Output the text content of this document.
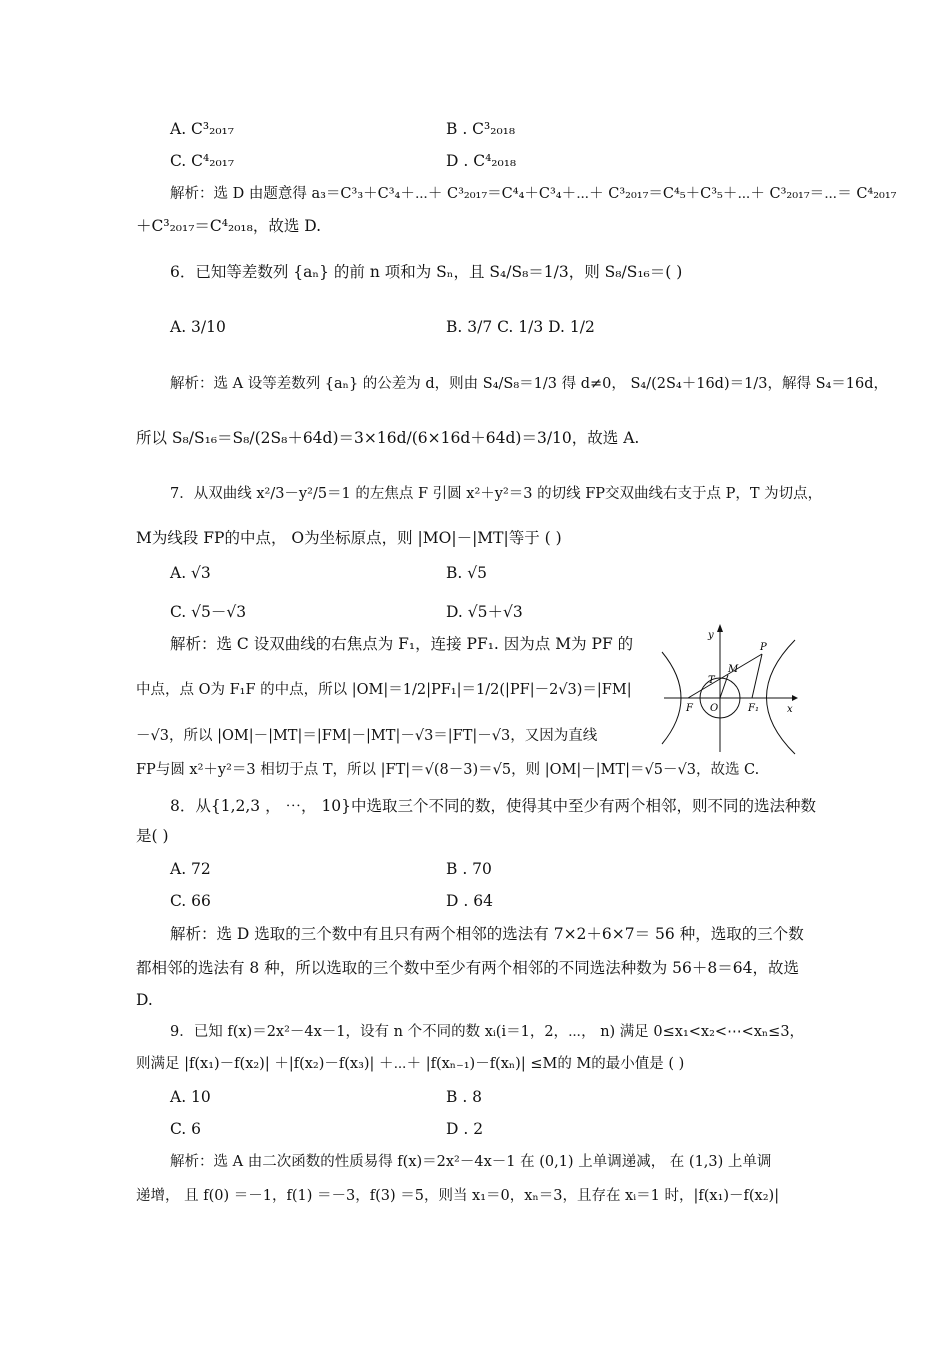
A. C³₂₀₁₇	B . C³₂₀₁₈
C. C⁴₂₀₁₇	D . C⁴₂₀₁₈
解析：选 D 由题意得 a₃＝C³₃＋C³₄＋⋯＋ C³₂₀₁₇＝C⁴₄＋C³₄＋⋯＋ C³₂₀₁₇＝C⁴₅＋C³₅＋⋯＋ C³₂₀₁₇＝⋯＝ C⁴₂₀₁₇
＋C³₂₀₁₇＝C⁴₂₀₁₈，故选 D.
6．已知等差数列 {aₙ} 的前 n 项和为 Sₙ，且 S₄/S₈＝1/3，则 S₈/S₁₆＝( )
A. 3/10	B. 3/7 C. 1/3 D. 1/2
解析：选 A 设等差数列 {aₙ} 的公差为 d，则由 S₄/S₈＝1/3 得 d≠0， S₄/(2S₄＋16d)＝1/3，解得 S₄＝16d，
所以 S₈/S₁₆＝S₈/(2S₈＋64d)＝3×16d/(6×16d＋64d)＝3/10，故选 A.
7．从双曲线 x²/3－y²/5＝1 的左焦点 F 引圆 x²＋y²＝3 的切线 FP交双曲线右支于点 P，T 为切点，
M为线段 FP的中点， O为坐标原点，则 |MO|－|MT|等于 ( )
A. √3	B. √5
C. √5－√3	D. √5＋√3
解析：选 C 设双曲线的右焦点为 F₁，连接 PF₁. 因为点 M为 PF 的
中点，点 O为 F₁F 的中点，所以 |OM|＝1/2|PF₁|＝1/2(|PF|－2√3)＝|FM|
－√3，所以 |OM|－|MT|＝|FM|－|MT|－√3＝|FT|－√3，又因为直线
FP与圆 x²＋y²＝3 相切于点 T，所以 |FT|＝√(8－3)＝√5，则 |OM|－|MT|＝√5－√3，故选 C.
y
x
P
M
T
F O	F₁
8．从{1,2,3 ， ⋯， 10}中选取三个不同的数，使得其中至少有两个相邻，则不同的选法种数
是( )
A. 72	B . 70
C. 66	D . 64
解析：选 D 选取的三个数中有且只有两个相邻的选法有 7×2＋6×7＝ 56 种，选取的三个数
都相邻的选法有 8 种，所以选取的三个数中至少有两个相邻的不同选法种数为 56＋8＝64，故选
D.
9．已知 f(x)＝2x²－4x－1，设有 n 个不同的数 xᵢ(i＝1，2，⋯， n) 满足 0≤x₁<x₂<⋯<xₙ≤3，
则满足 |f(x₁)－f(x₂)| ＋|f(x₂)－f(x₃)| ＋⋯＋ |f(xₙ₋₁)－f(xₙ)| ≤M的 M的最小值是 ( )
A. 10	B . 8
C. 6	D . 2
解析：选 A 由二次函数的性质易得 f(x)＝2x²－4x－1 在 (0,1) 上单调递减， 在 (1,3) 上单调
递增， 且 f(0) ＝－1，f(1) ＝－3，f(3) ＝5，则当 x₁＝0，xₙ＝3，且存在 xᵢ＝1 时，|f(x₁)－f(x₂)|
